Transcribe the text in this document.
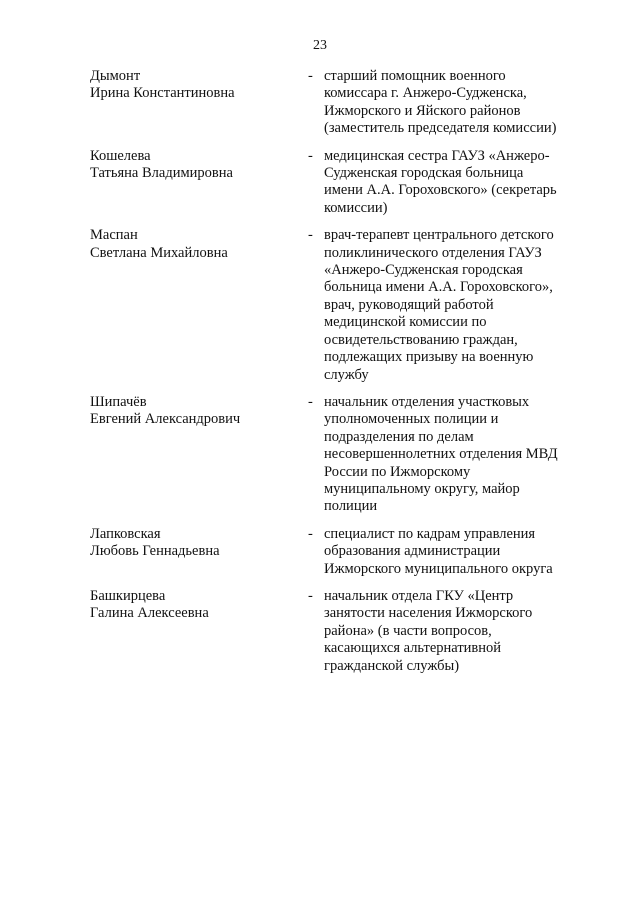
23
Дымонт
Ирина Константиновна
- старший помощник военного
комиссара г. Анжеро-Судженска,
Ижморского и Яйского районов
(заместитель председателя комиссии)
Кошелева
Татьяна Владимировна
- медицинская сестра ГАУЗ «Анжеро-
Судженская городская больница
имени А.А. Гороховского» (секретарь
комиссии)
Маспан
Светлана Михайловна
- врач-терапевт центрального детского
поликлинического отделения ГАУЗ
«Анжеро-Судженская городская
больница имени А.А. Гороховского»,
врач, руководящий работой
медицинской комиссии по
освидетельствованию граждан,
подлежащих призыву на военную
службу
Шипачёв
Евгений Александрович
- начальник отделения участковых
уполномоченных полиции и
подразделения по делам
несовершеннолетних отделения МВД
России по Ижморскому
муниципальному округу, майор
полиции
Лапковская
Любовь Геннадьевна
- специалист по кадрам управления
образования администрации
Ижморского муниципального округа
Башкирцева
Галина Алексеевна
- начальник отдела ГКУ «Центр
занятости населения Ижморского
района» (в части вопросов,
касающихся альтернативной
гражданской службы)
